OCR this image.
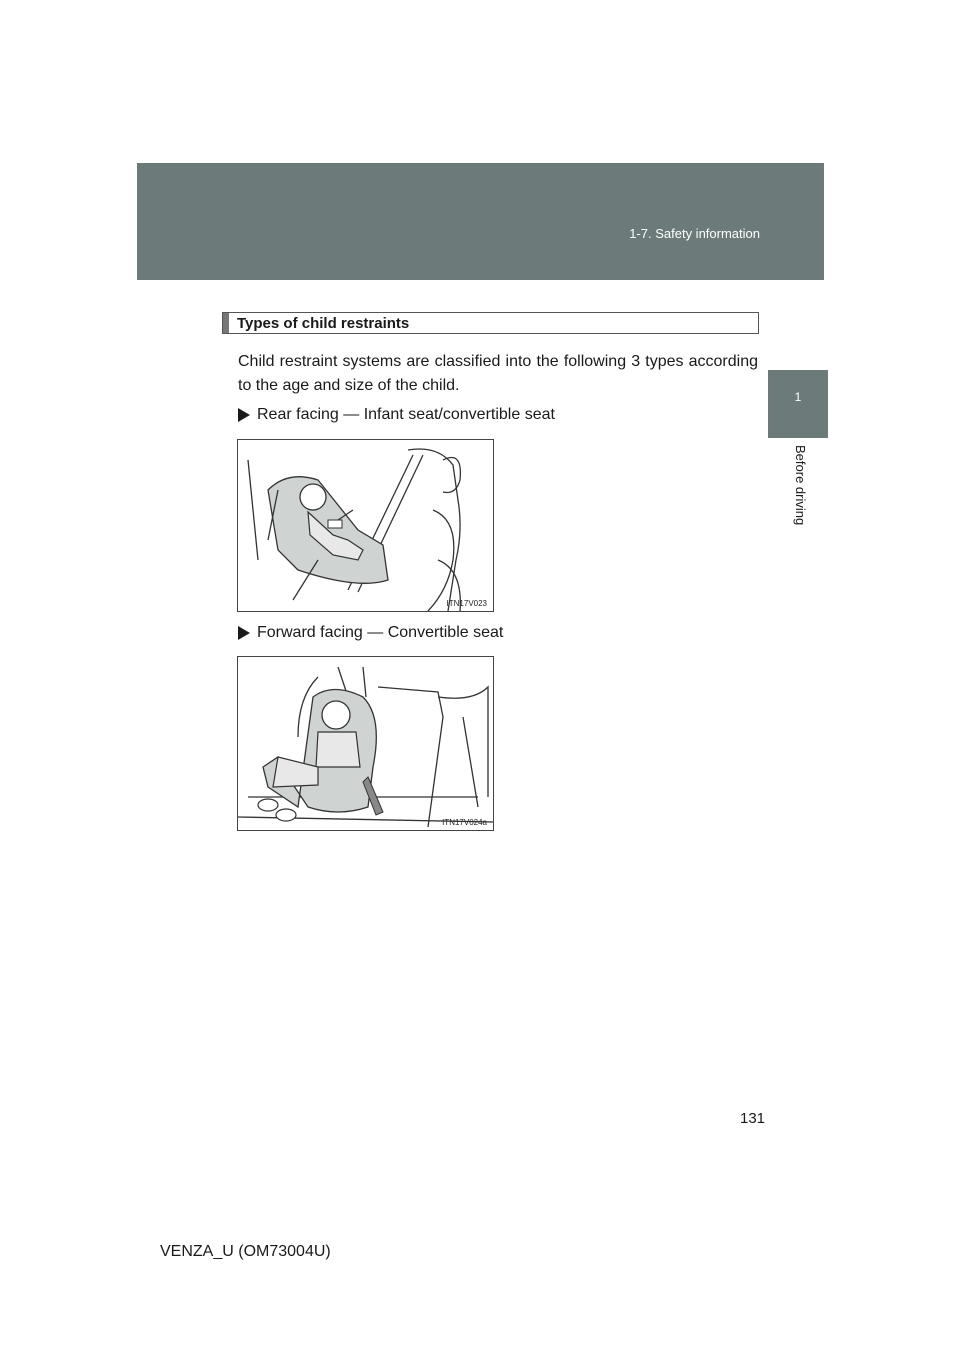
1-7. Safety information
1
Before driving
Types of child restraints
Child restraint systems are classified into the following 3 types according to the age and size of the child.
Rear facing — Infant seat/convertible seat
ITN17V023
Forward facing — Convertible seat
ITN17V024a
131
VENZA_U (OM73004U)
